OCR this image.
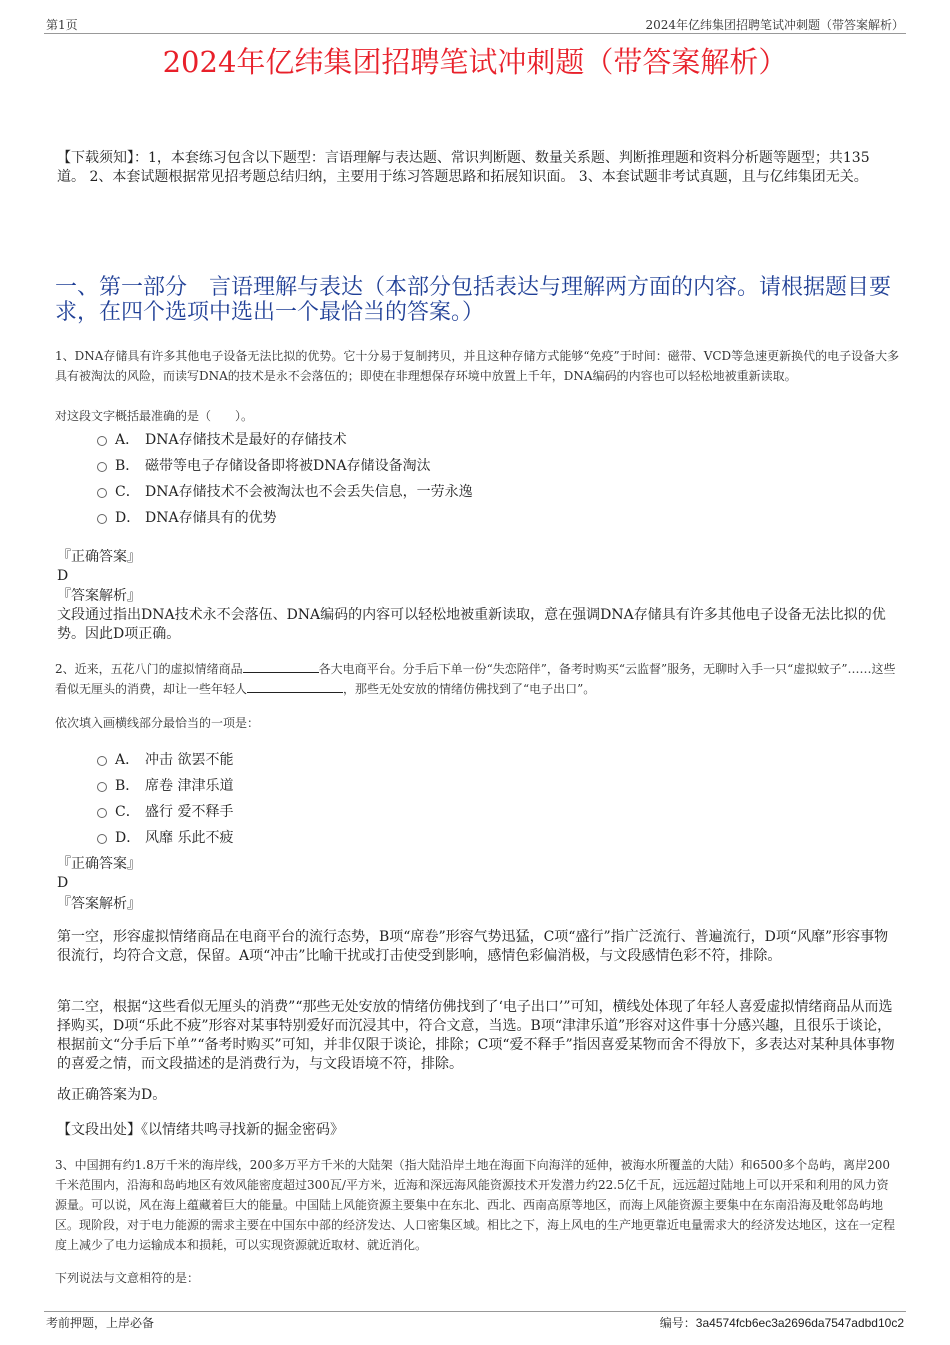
第1页	2024年亿纬集团招聘笔试冲刺题（带答案解析）
2024年亿纬集团招聘笔试冲刺题（带答案解析）
【下载须知】：1，本套练习包含以下题型：言语理解与表达题、常识判断题、数量关系题、判断推理题和资料分析题等题型；共135道。 2、本套试题根据常见招考题总结归纳，主要用于练习答题思路和拓展知识面。 3、本套试题非考试真题，且与亿纬集团无关。
一、第一部分　言语理解与表达（本部分包括表达与理解两方面的内容。请根据题目要求，在四个选项中选出一个最恰当的答案。）
1、DNA存储具有许多其他电子设备无法比拟的优势。它十分易于复制拷贝，并且这种存储方式能够“免疫”于时间：磁带、VCD等急速更新换代的电子设备大多具有被淘汰的风险，而读写DNA的技术是永不会落伍的；即使在非理想保存环境中放置上千年，DNA编码的内容也可以轻松地被重新读取。
对这段文字概括最准确的是（　　）。
A． DNA存储技术是最好的存储技术
B． 磁带等电子存储设备即将被DNA存储设备淘汰
C． DNA存储技术不会被淘汰也不会丢失信息，一劳永逸
D． DNA存储具有的优势
『正确答案』
D
『答案解析』
文段通过指出DNA技术永不会落伍、DNA编码的内容可以轻松地被重新读取，意在强调DNA存储具有许多其他电子设备无法比拟的优势。因此D项正确。
2、近来，五花八门的虚拟情绪商品	各大电商平台。分手后下单一份“失恋陪伴”，备考时购买“云监督”服务，无聊时入手一只“虚拟蚊子”……这些看似无厘头的消费，却让一些年轻人	，那些无处安放的情绪仿佛找到了“电子出口”。
依次填入画横线部分最恰当的一项是：
A． 冲击 欲罢不能
B． 席卷 津津乐道
C． 盛行 爱不释手
D． 风靡 乐此不疲
『正确答案』
D
『答案解析』
第一空，形容虚拟情绪商品在电商平台的流行态势，B项“席卷”形容气势迅猛，C项“盛行”指广泛流行、普遍流行，D项“风靡”形容事物很流行，均符合文意，保留。A项“冲击”比喻干扰或打击使受到影响，感情色彩偏消极，与文段感情色彩不符，排除。
第二空，根据“这些看似无厘头的消费”“那些无处安放的情绪仿佛找到了‘电子出口’”可知，横线处体现了年轻人喜爱虚拟情绪商品从而选择购买，D项“乐此不疲”形容对某事特别爱好而沉浸其中，符合文意，当选。B项“津津乐道”形容对这件事十分感兴趣，且很乐于谈论，根据前文“分手后下单”“备考时购买”可知，并非仅限于谈论，排除；C项“爱不释手”指因喜爱某物而舍不得放下，多表达对某种具体事物的喜爱之情，而文段描述的是消费行为，与文段语境不符，排除。
故正确答案为D。
【文段出处】《以情绪共鸣寻找新的掘金密码》
3、中国拥有约1.8万千米的海岸线，200多万平方千米的大陆架（指大陆沿岸土地在海面下向海洋的延伸，被海水所覆盖的大陆）和6500多个岛屿，离岸200千米范围内，沿海和岛屿地区有效风能密度超过300瓦/平方米，近海和深远海风能资源技术开发潜力约22.5亿千瓦，远远超过陆地上可以开采和利用的风力资源量。可以说，风在海上蕴藏着巨大的能量。中国陆上风能资源主要集中在东北、西北、西南高原等地区，而海上风能资源主要集中在东南沿海及毗邻岛屿地区。现阶段，对于电力能源的需求主要在中国东中部的经济发达、人口密集区域。相比之下，海上风电的生产地更靠近电量需求大的经济发达地区，这在一定程度上减少了电力运输成本和损耗，可以实现资源就近取材、就近消化。
下列说法与文意相符的是：
考前押题，上岸必备	编号：3a4574fcb6ec3a2696da7547adbd10c2
